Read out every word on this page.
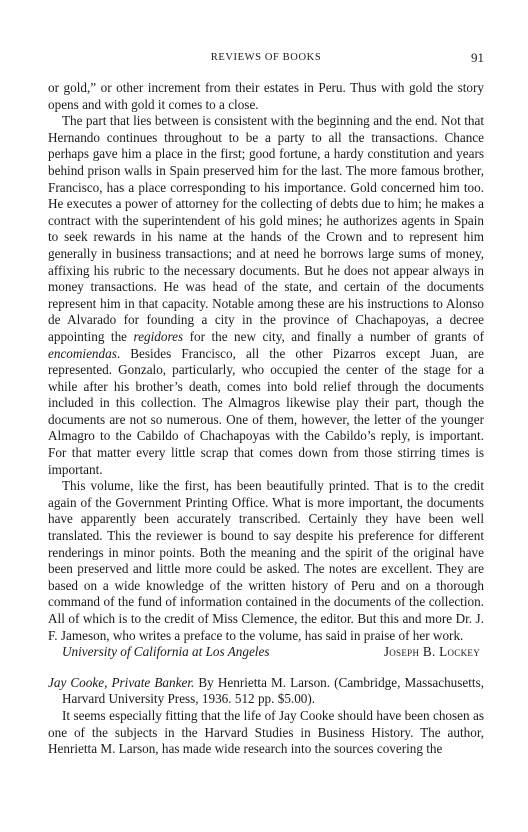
REVIEWS OF BOOKS	91

or gold,” or other increment from their estates in Peru. Thus with gold the story opens and with gold it comes to a close.

The part that lies between is consistent with the beginning and the end. Not that Hernando continues throughout to be a party to all the transactions. Chance perhaps gave him a place in the first; good fortune, a hardy constitution and years behind prison walls in Spain preserved him for the last. The more famous brother, Francisco, has a place corresponding to his importance. Gold concerned him too. He executes a power of attorney for the collecting of debts due to him; he makes a contract with the superintendent of his gold mines; he authorizes agents in Spain to seek rewards in his name at the hands of the Crown and to represent him generally in business transactions; and at need he borrows large sums of money, affixing his rubric to the necessary documents. But he does not appear always in money transactions. He was head of the state, and certain of the documents represent him in that capacity. Notable among these are his instructions to Alonso de Alvarado for founding a city in the province of Chachapoyas, a decree appointing the regidores for the new city, and finally a number of grants of encomiendas. Besides Francisco, all the other Pizarros except Juan, are represented. Gonzalo, particularly, who occupied the center of the stage for a while after his brother’s death, comes into bold relief through the documents included in this collection. The Almagros likewise play their part, though the documents are not so numerous. One of them, however, the letter of the younger Almagro to the Cabildo of Chachapoyas with the Cabildo’s reply, is important. For that matter every little scrap that comes down from those stirring times is important.

This volume, like the first, has been beautifully printed. That is to the credit again of the Government Printing Office. What is more important, the documents have apparently been accurately transcribed. Certainly they have been well translated. This the reviewer is bound to say despite his preference for different renderings in minor points. Both the meaning and the spirit of the original have been preserved and little more could be asked. The notes are excellent. They are based on a wide knowledge of the written history of Peru and on a thorough command of the fund of information contained in the documents of the collection. All of which is to the credit of Miss Clemence, the editor. But this and more Dr. J. F. Jameson, who writes a preface to the volume, has said in praise of her work.

University of California at Los Angeles	Joseph B. Lockey

Jay Cooke, Private Banker. By Henrietta M. Larson. (Cambridge, Massachusetts, Harvard University Press, 1936. 512 pp. $5.00).

It seems especially fitting that the life of Jay Cooke should have been chosen as one of the subjects in the Harvard Studies in Business History. The author, Henrietta M. Larson, has made wide research into the sources covering the
